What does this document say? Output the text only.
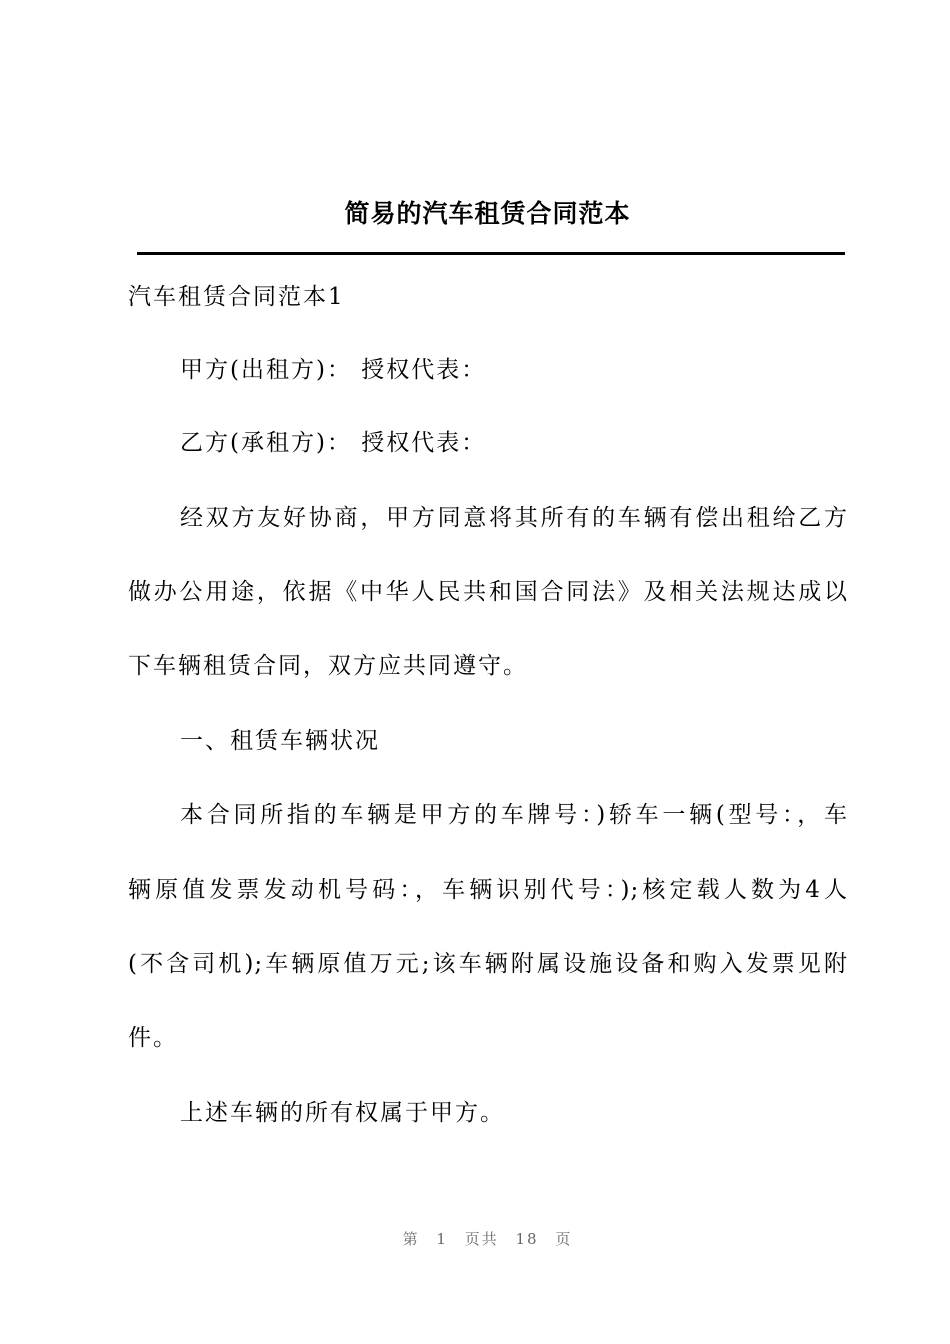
简易的汽车租赁合同范本
汽车租赁合同范本1
甲方(出租方)： 授权代表：
乙方(承租方)： 授权代表：
经双方友好协商，甲方同意将其所有的车辆有偿出租给乙方
做办公用途，依据《中华人民共和国合同法》及相关法规达成以
下车辆租赁合同，双方应共同遵守。
一、租赁车辆状况
本合同所指的车辆是甲方的车牌号：)轿车一辆(型号：，车
辆原值发票发动机号码：，车辆识别代号：);核定载人数为4人
(不含司机);车辆原值万元;该车辆附属设施设备和购入发票见附
件。
上述车辆的所有权属于甲方。
第 1 页共 18 页
